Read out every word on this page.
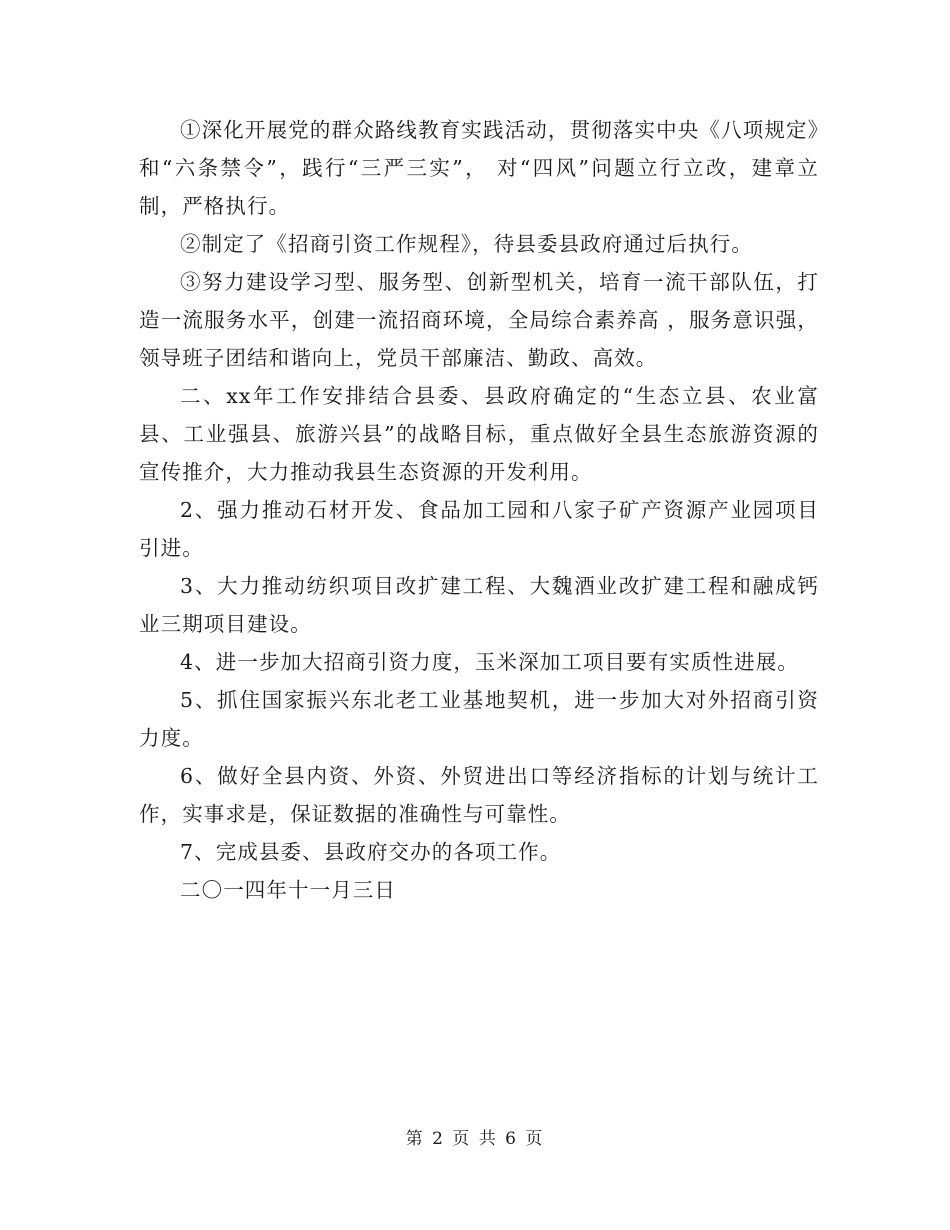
①深化开展党的群众路线教育实践活动，贯彻落实中央《八项规定》和“六条禁令”，践行“三严三实”， 对“四风”问题立行立改，建章立制，严格执行。

②制定了《招商引资工作规程》，待县委县政府通过后执行。

③努力建设学习型、服务型、创新型机关，培育一流干部队伍，打造一流服务水平，创建一流招商环境，全局综合素养高 ，服务意识强，领导班子团结和谐向上，党员干部廉洁、勤政、高效。

二、xx年工作安排结合县委、县政府确定的“生态立县、农业富县、工业强县、旅游兴县”的战略目标，重点做好全县生态旅游资源的宣传推介，大力推动我县生态资源的开发利用。

2、强力推动石材开发、食品加工园和八家子矿产资源产业园项目引进。

3、大力推动纺织项目改扩建工程、大魏酒业改扩建工程和融成钙业三期项目建设。

4、进一步加大招商引资力度，玉米深加工项目要有实质性进展。

5、抓住国家振兴东北老工业基地契机，进一步加大对外招商引资力度。

6、做好全县内资、外资、外贸进出口等经济指标的计划与统计工作，实事求是，保证数据的准确性与可靠性。

7、完成县委、县政府交办的各项工作。

二〇一四年十一月三日

第 2 页 共 6 页
